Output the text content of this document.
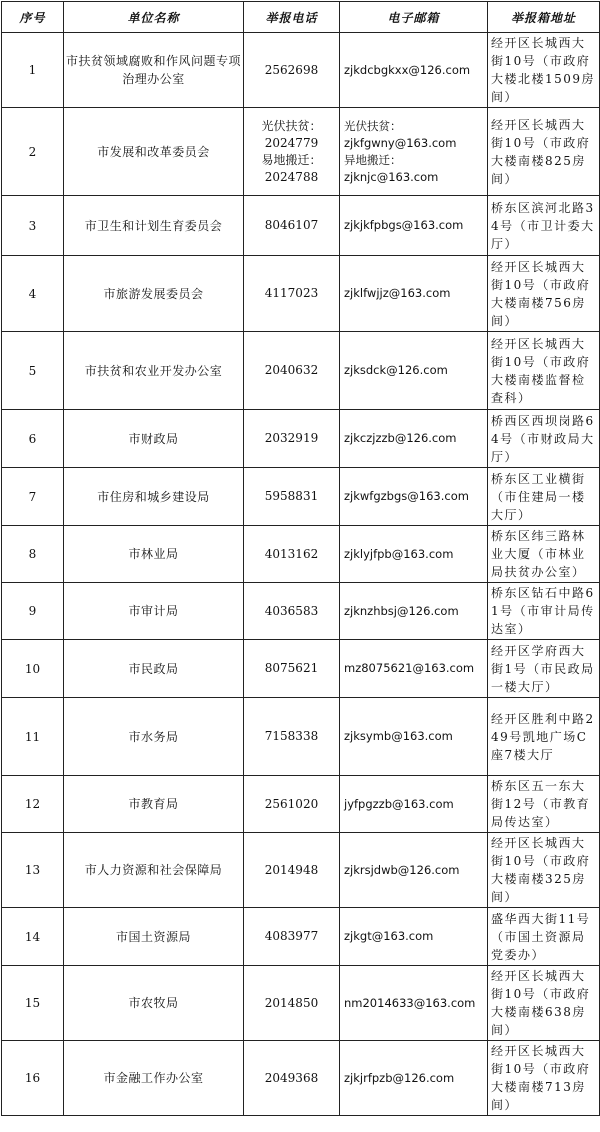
序号	单位名称	举报电话	电子邮箱	举报箱地址
1	市扶贫领域腐败和作风问题专项治理办公室	2562698	zjkdcbgkxx@126.com	经开区长城西大街10号（市政府大楼北楼1509房间）
2	市发展和改革委员会	光伏扶贫：
2024779
易地搬迁：
2024788	光伏扶贫：
zjkfgwny@163.com
异地搬迁：
zjknjc@163.com	经开区长城西大街10号（市政府大楼南楼825房间）
3	市卫生和计划生育委员会	8046107	zjkjkfpbgs@163.com	桥东区滨河北路34号（市卫计委大厅）
4	市旅游发展委员会	4117023	zjklfwjjz@163.com	经开区长城西大街10号（市政府大楼南楼756房间）
5	市扶贫和农业开发办公室	2040632	zjksdck@126.com	经开区长城西大街10号（市政府大楼南楼监督检查科）
6	市财政局	2032919	zjkczjzzb@126.com	桥西区西坝岗路64号（市财政局大厅）
7	市住房和城乡建设局	5958831	zjkwfgzbgs@163.com	桥东区工业横街（市住建局一楼大厅）
8	市林业局	4013162	zjklyjfpb@163.com	桥东区纬三路林业大厦（市林业局扶贫办公室）
9	市审计局	4036583	zjknzhbsj@126.com	桥东区钻石中路61号（市审计局传达室）
10	市民政局	8075621	mz8075621@163.com	经开区学府西大街1号（市民政局一楼大厅）
11	市水务局	7158338	zjksymb@163.com	经开区胜利中路249号凯地广场C座7楼大厅
12	市教育局	2561020	jyfpgzzb@163.com	桥东区五一东大街12号（市教育局传达室）
13	市人力资源和社会保障局	2014948	zjkrsjdwb@126.com	经开区长城西大街10号（市政府大楼南楼325房间）
14	市国土资源局	4083977	zjkgt@163.com	盛华西大街11号（市国土资源局党委办）
15	市农牧局	2014850	nm2014633@163.com	经开区长城西大街10号（市政府大楼南楼638房间）
16	市金融工作办公室	2049368	zjkjrfpzb@126.com	经开区长城西大街10号（市政府大楼南楼713房间）
